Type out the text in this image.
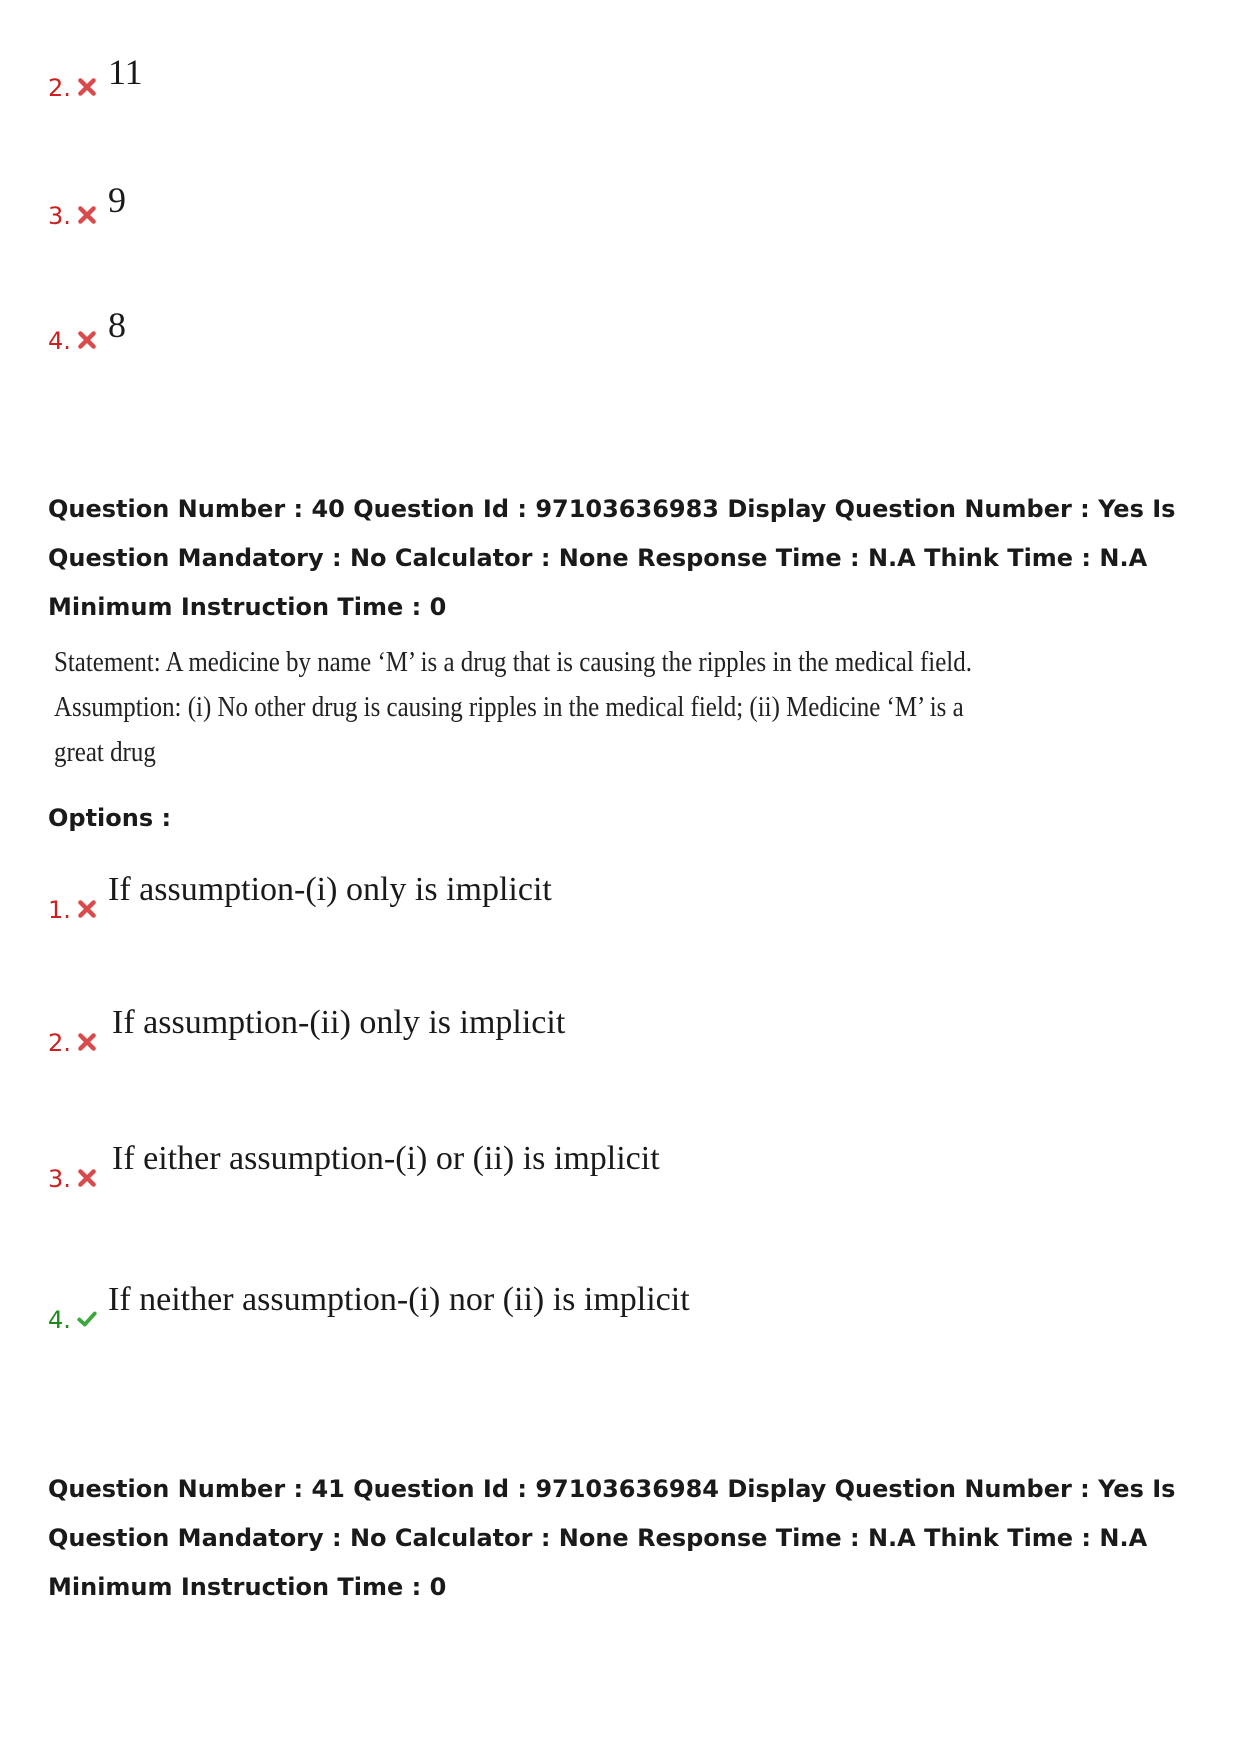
2. 11
3. 9
4. 8
Question Number : 40 Question Id : 97103636983 Display Question Number : Yes Is Question Mandatory : No Calculator : None Response Time : N.A Think Time : N.A Minimum Instruction Time : 0
Statement: A medicine by name ‘M’ is a drug that is causing the ripples in the medical field.
Assumption: (i) No other drug is causing ripples in the medical field; (ii) Medicine ‘M’ is a
great drug
Options :
1.
If assumption-(i) only is implicit
2.
If assumption-(ii) only is implicit
3.
If either assumption-(i) or (ii) is implicit
4.
If neither assumption-(i) nor (ii) is implicit
Question Number : 41 Question Id : 97103636984 Display Question Number : Yes Is Question Mandatory : No Calculator : None Response Time : N.A Think Time : N.A Minimum Instruction Time : 0
